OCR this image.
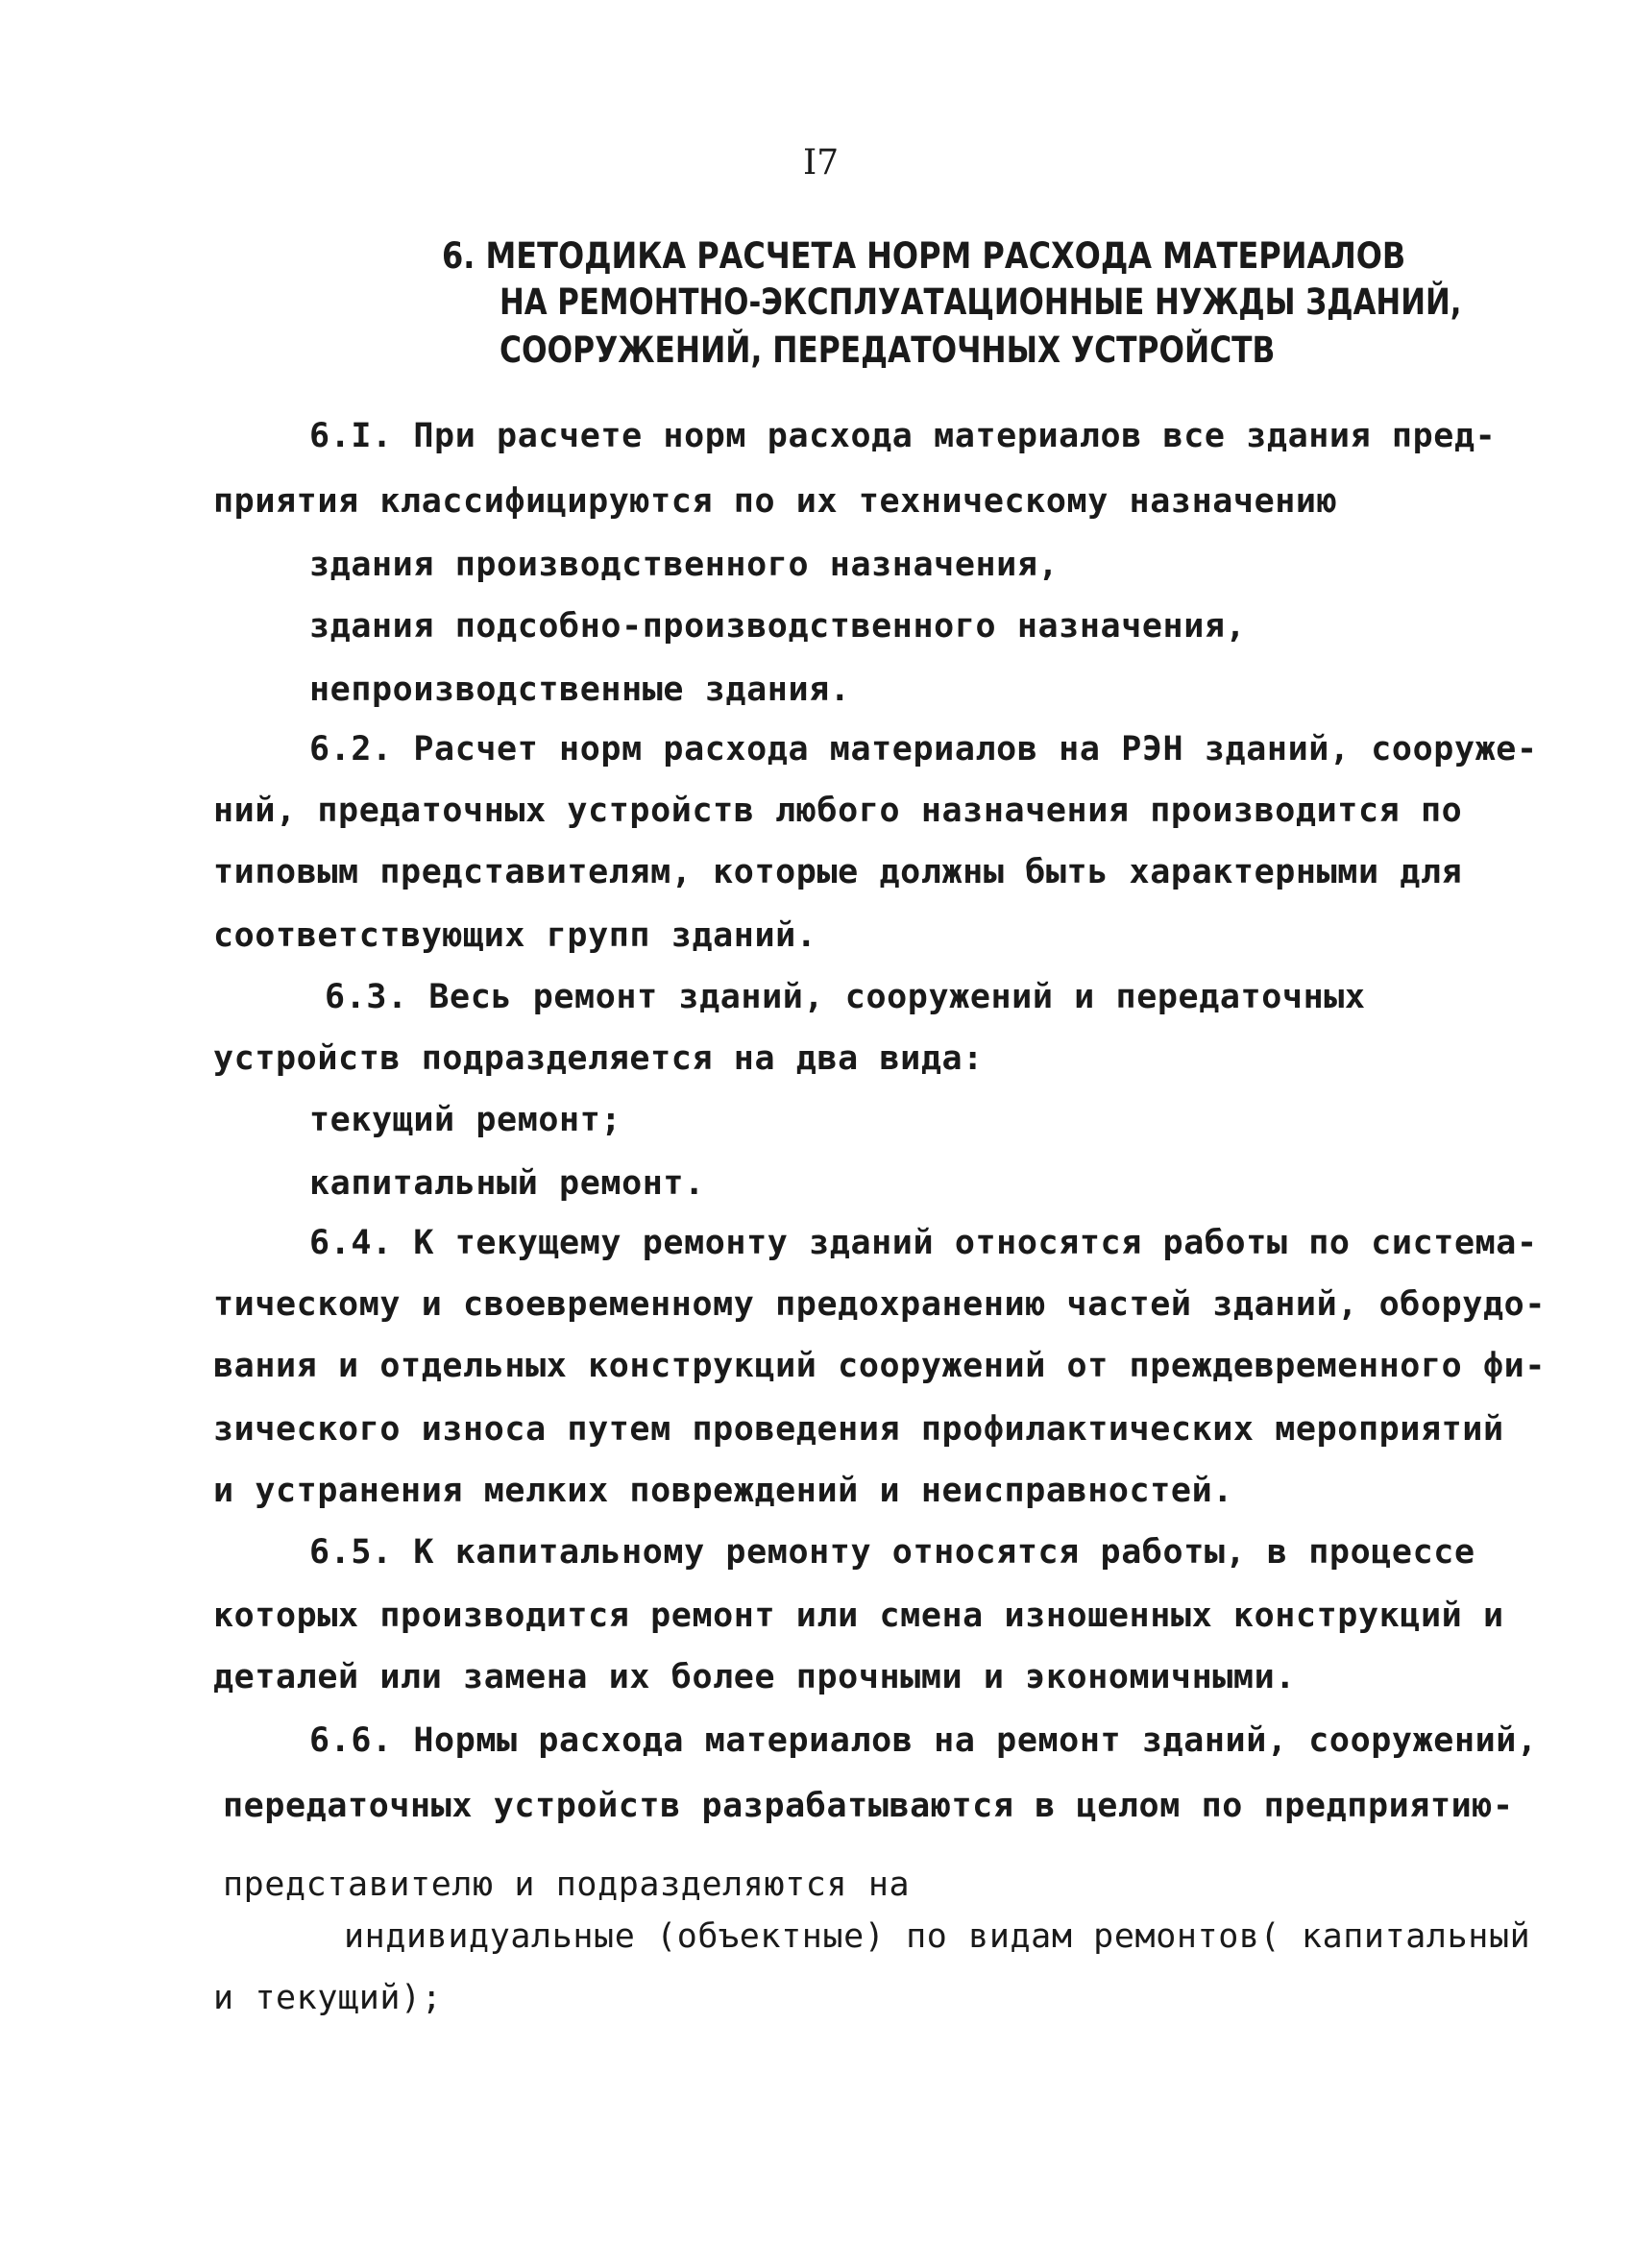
I7
6. МЕТОДИКА РАСЧЕТА НОРМ РАСХОДА МАТЕРИАЛОВ
НА РЕМОНТНО-ЭКСПЛУАТАЦИОННЫЕ НУЖДЫ ЗДАНИЙ,
СООРУЖЕНИЙ, ПЕРЕДАТОЧНЫХ УСТРОЙСТВ
6.I. При расчете норм расхода материалов все здания пред-
приятия классифицируются по их техническому назначению
здания производственного назначения,
здания подсобно-производственного назначения,
непроизводственные здания.
6.2. Расчет норм расхода материалов на РЭН зданий, сооруже-
ний, предаточных устройств любого назначения производится по
типовым представителям, которые должны быть характерными для
соответствующих групп зданий.
6.3. Весь ремонт зданий, сооружений и передаточных
устройств подразделяется на два вида:
текущий ремонт;
капитальный ремонт.
6.4. К текущему ремонту зданий относятся работы по система-
тическому и своевременному предохранению частей зданий, оборудо-
вания и отдельных конструкций сооружений от преждевременного фи-
зического износа путем проведения профилактических мероприятий
и устранения мелких повреждений и неисправностей.
6.5. К капитальному ремонту относятся работы, в процессе
которых производится ремонт или смена изношенных конструкций и
деталей или замена их более прочными и экономичными.
6.6. Нормы расхода материалов на ремонт зданий, сооружений,
передаточных устройств разрабатываются в целом по предприятию-
представителю и подразделяются на
индивидуальные (объектные) по видам ремонтов( капитальный
и текущий);
